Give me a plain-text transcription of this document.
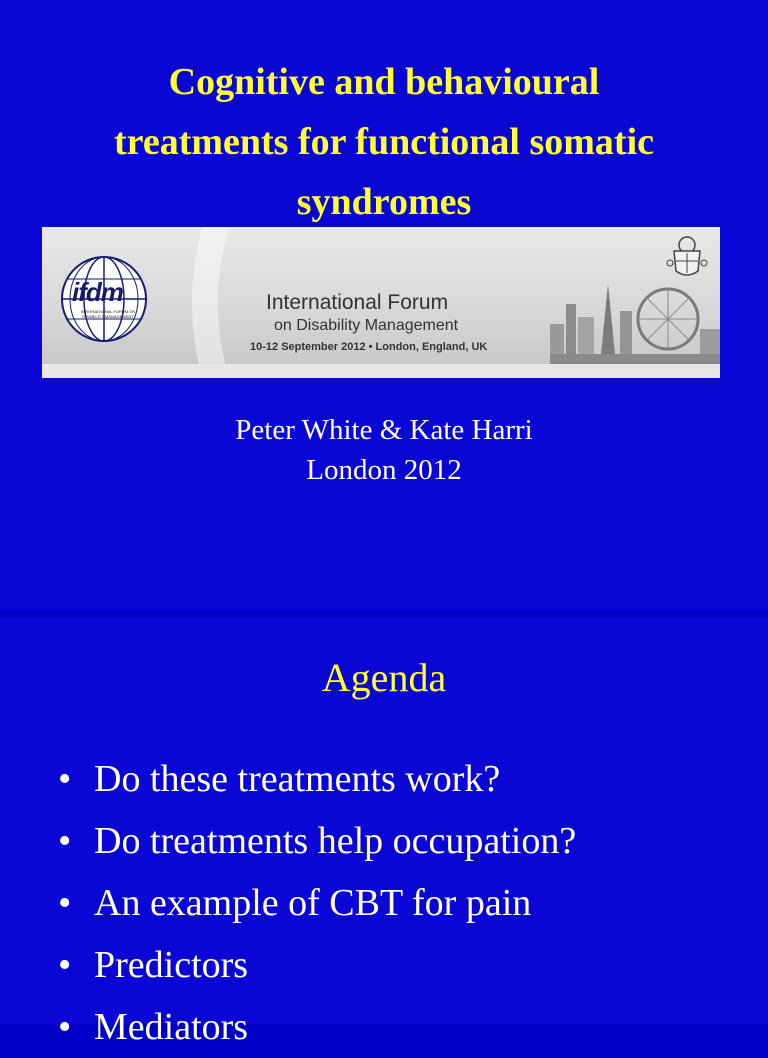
Cognitive and behavioural
treatments for functional somatic
syndromes
ifdm
INTERNATIONAL FORUM ON DISABILITY MANAGEMENT
International Forum
on Disability Management
10-12 September 2012 • London, England, UK
Peter White & Kate Harri
London 2012
Agenda
• Do these treatments work?
• Do treatments help occupation?
• An example of CBT for pain
• Predictors
• Mediators
